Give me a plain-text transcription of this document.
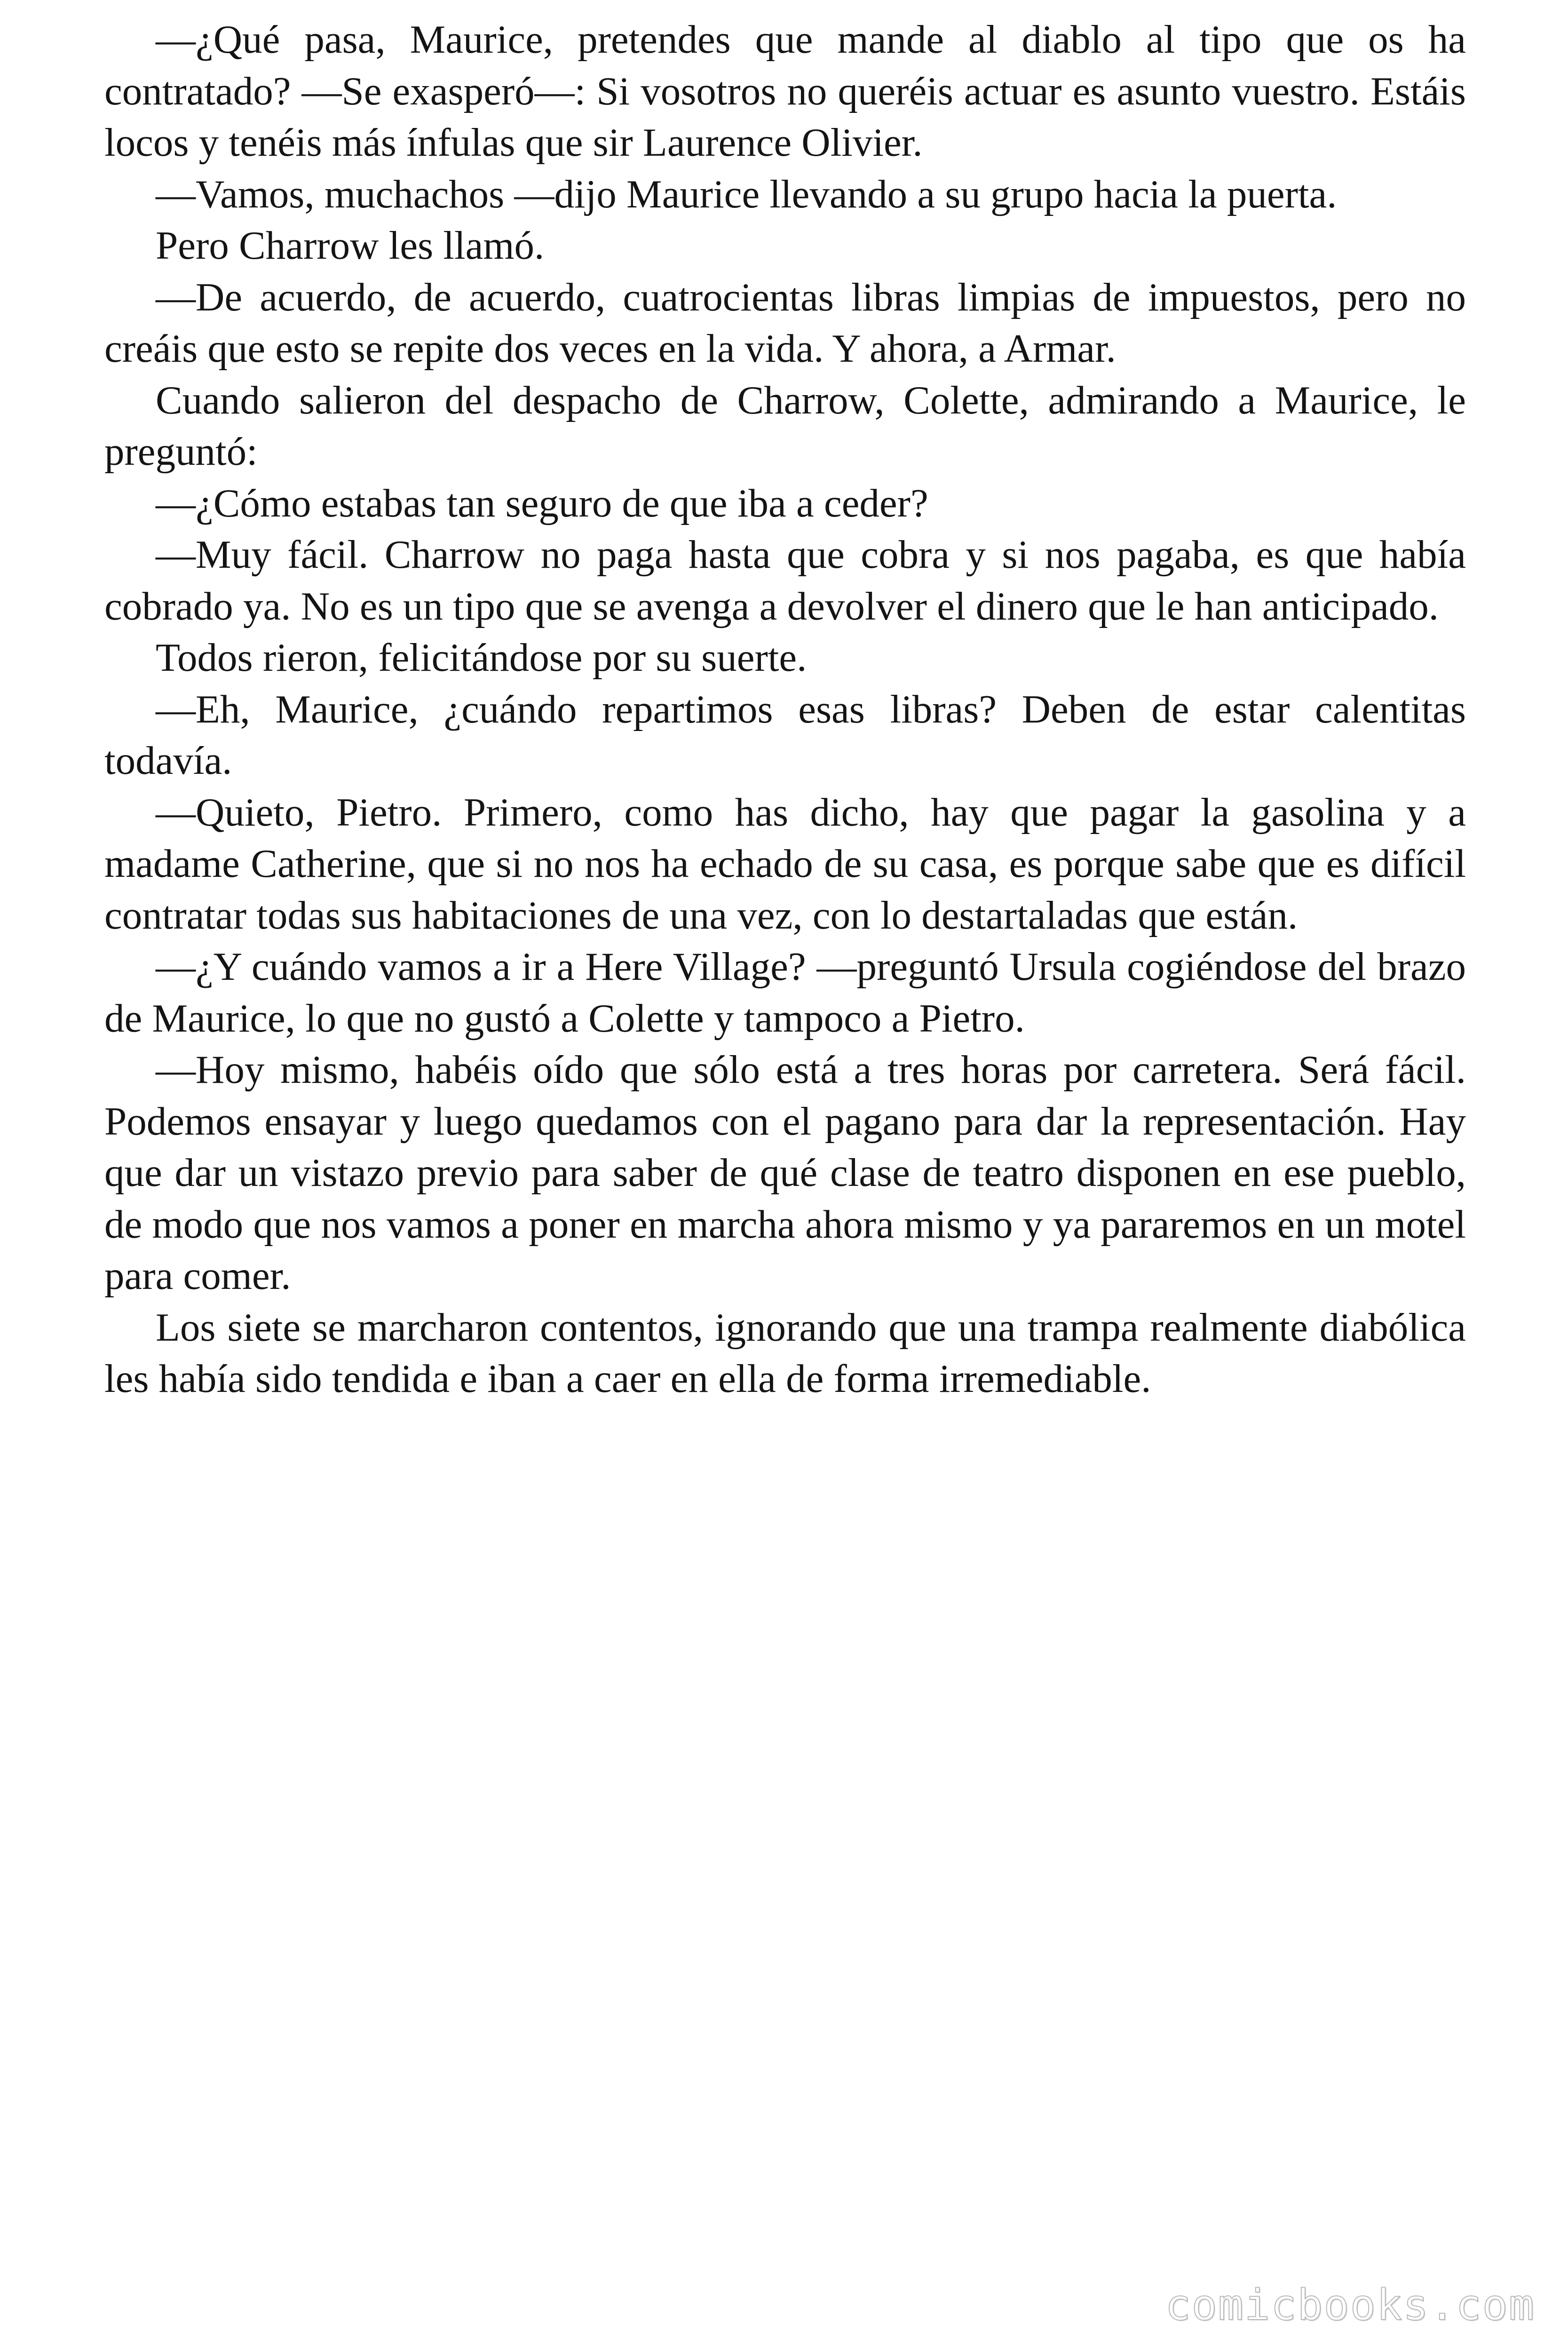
—¿Qué pasa, Maurice, pretendes que mande al diablo al tipo que os ha contratado? —Se exasperó—: Si vosotros no queréis actuar es asunto vuestro. Estáis locos y tenéis más ínfulas que sir Laurence Olivier.

—Vamos, muchachos —dijo Maurice llevando a su grupo hacia la puerta.

Pero Charrow les llamó.

—De acuerdo, de acuerdo, cuatrocientas libras limpias de impuestos, pero no creáis que esto se repite dos veces en la vida. Y ahora, a Armar.

Cuando salieron del despacho de Charrow, Colette, admirando a Maurice, le preguntó:

—¿Cómo estabas tan seguro de que iba a ceder?

—Muy fácil. Charrow no paga hasta que cobra y si nos pagaba, es que había cobrado ya. No es un tipo que se avenga a devolver el dinero que le han anticipado.

Todos rieron, felicitándose por su suerte.

—Eh, Maurice, ¿cuándo repartimos esas libras? Deben de estar calentitas todavía.

—Quieto, Pietro. Primero, como has dicho, hay que pagar la gasolina y a madame Catherine, que si no nos ha echado de su casa, es porque sabe que es difícil contratar todas sus habitaciones de una vez, con lo destartaladas que están.

—¿Y cuándo vamos a ir a Here Village? —preguntó Ursula cogiéndose del brazo de Maurice, lo que no gustó a Colette y tampoco a Pietro.

—Hoy mismo, habéis oído que sólo está a tres horas por carretera. Será fácil. Podemos ensayar y luego quedamos con el pagano para dar la representación. Hay que dar un vistazo previo para saber de qué clase de teatro disponen en ese pueblo, de modo que nos vamos a poner en marcha ahora mismo y ya pararemos en un motel para comer.

Los siete se marcharon contentos, ignorando que una trampa realmente diabólica les había sido tendida e iban a caer en ella de forma irremediable.

comicbooks.com
